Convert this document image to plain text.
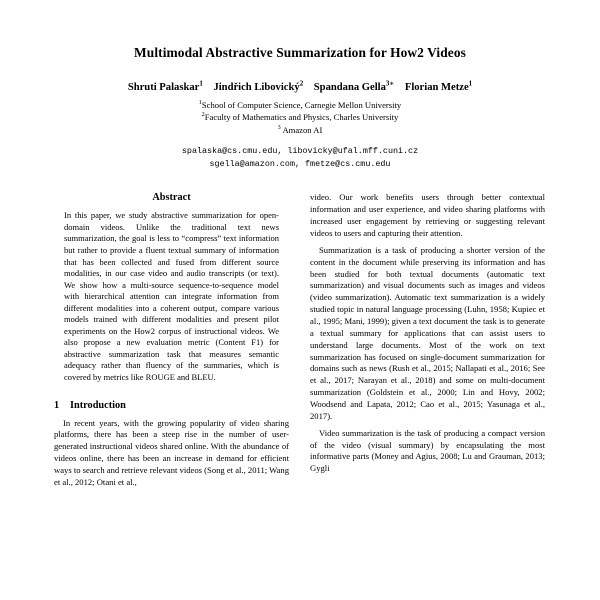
Multimodal Abstractive Summarization for How2 Videos
Shruti Palaskar$^1$ Jindřich Libovický$^2$ Spandana Gella$^{3∗}$ Florian Metze$^1$
$^1$School of Computer Science, Carnegie Mellon University
$^2$Faculty of Mathematics and Physics, Charles University
$^3$ Amazon AI
spalaska@cs.cmu.edu, libovicky@ufal.mff.cuni.cz
sgella@amazon.com, fmetze@cs.cmu.edu
Abstract

In this paper, we study abstractive summarization for open-domain videos. Unlike the traditional text news summarization, the goal is less to “compress” text information but rather to provide a fluent textual summary of information that has been collected and fused from different source modalities, in our case video and audio transcripts (or text). We show how a multi-source sequence-to-sequence model with hierarchical attention can integrate information from different modalities into a coherent output, compare various models trained with different modalities and present pilot experiments on the How2 corpus of instructional videos. We also propose a new evaluation metric (Content F1) for abstractive summarization task that measures semantic adequacy rather than fluency of the summaries, which is covered by metrics like ROUGE and BLEU.

1 Introduction

In recent years, with the growing popularity of video sharing platforms, there has been a steep rise in the number of user-generated instructional videos shared online. With the abundance of videos online, there has been an increase in demand for efficient ways to search and retrieve relevant videos (Song et al., 2011; Wang et al., 2012; Otani et al.,

video. Our work benefits users through better contextual information and user experience, and video sharing platforms with increased user engagement by retrieving or suggesting relevant videos to users and capturing their attention.

Summarization is a task of producing a shorter version of the content in the document while preserving its information and has been studied for both textual documents (automatic text summarization) and visual documents such as images and videos (video summarization). Automatic text summarization is a widely studied topic in natural language processing (Luhn, 1958; Kupiec et al., 1995; Mani, 1999); given a text document the task is to generate a textual summary for applications that can assist users to understand large documents. Most of the work on text summarization has focused on single-document summarization for domains such as news (Rush et al., 2015; Nallapati et al., 2016; See et al., 2017; Narayan et al., 2018) and some on multi-document summarization (Goldstein et al., 2000; Lin and Hovy, 2002; Woodsend and Lapata, 2012; Cao et al., 2015; Yasunaga et al., 2017).

Video summarization is the task of producing a compact version of the video (visual summary) by encapsulating the most informative parts (Money and Agius, 2008; Lu and Grauman, 2013; Gygli
